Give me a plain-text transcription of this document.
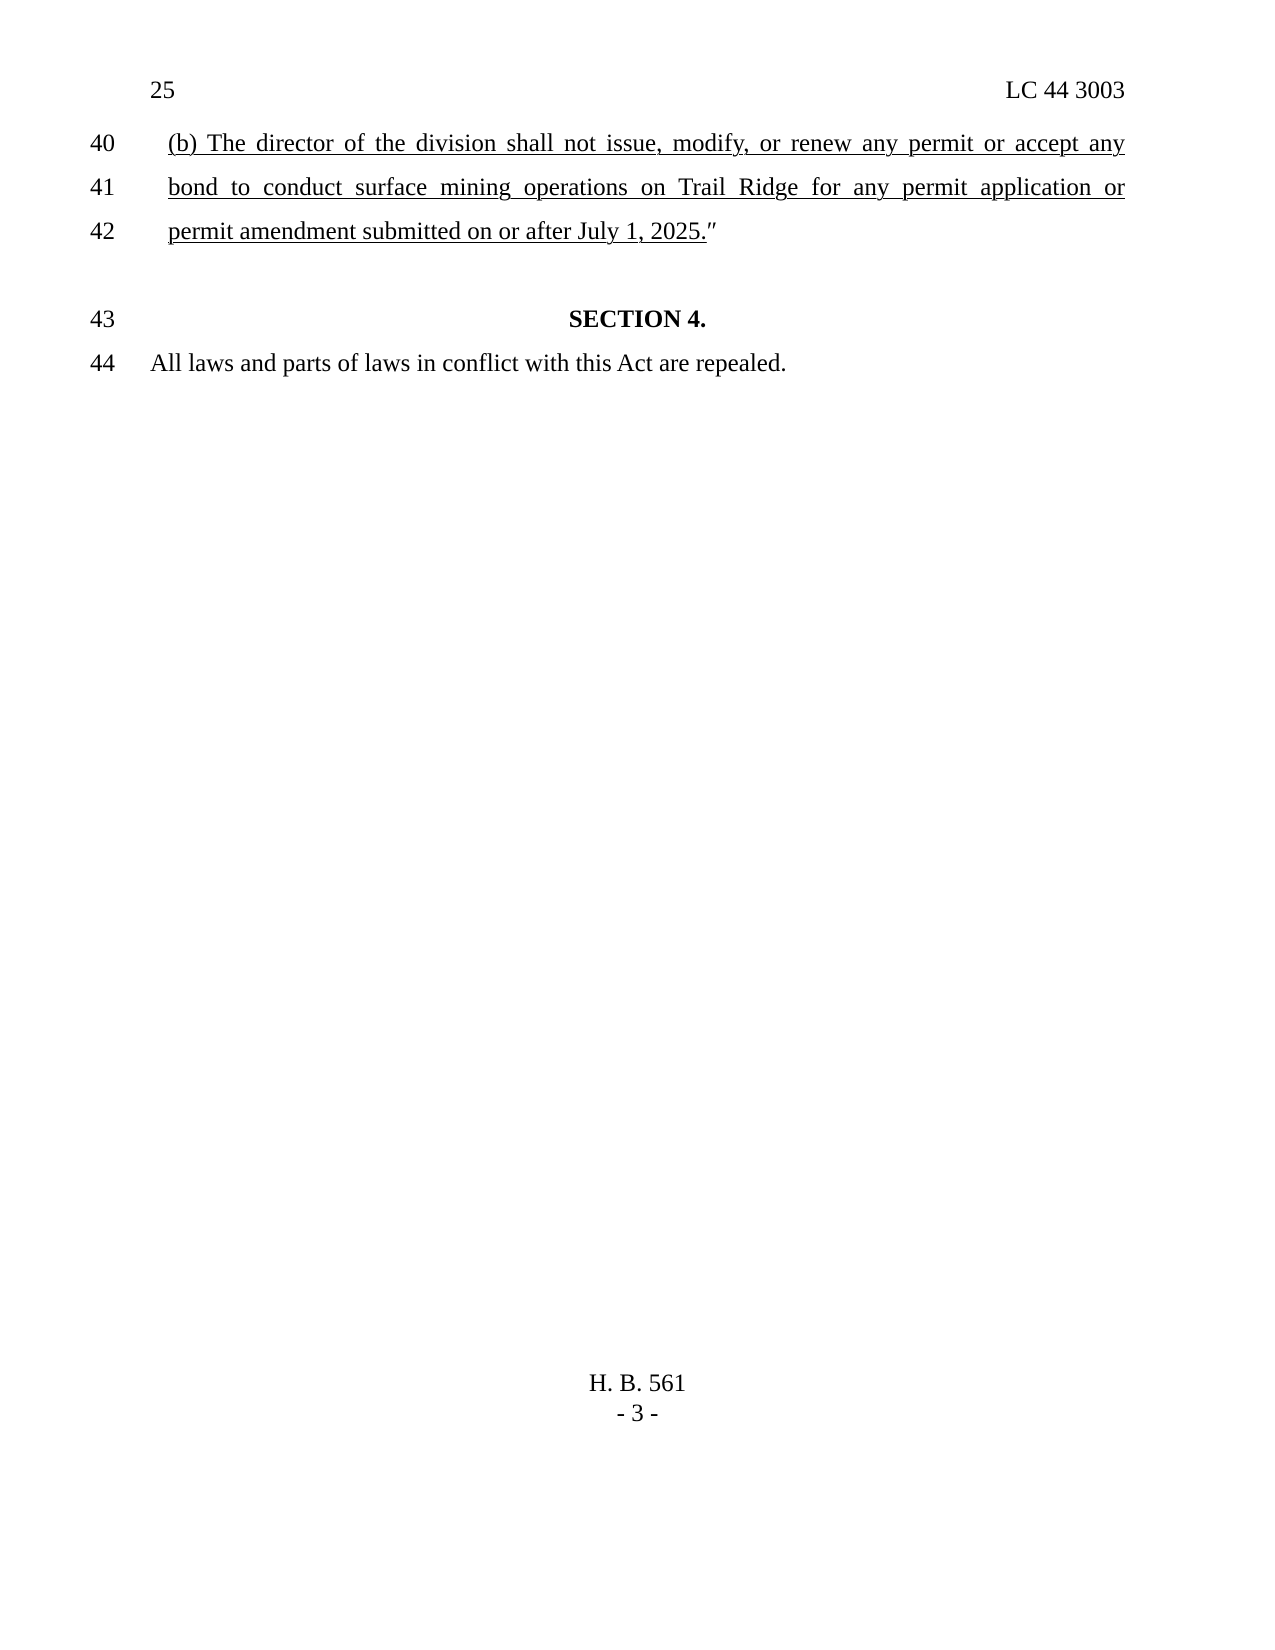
25	LC 44 3003
40	(b) The director of the division shall not issue, modify, or renew any permit or accept any
41	bond to conduct surface mining operations on Trail Ridge for any permit application or
42	permit amendment submitted on or after July 1, 2025.″
43	SECTION 4.
44	All laws and parts of laws in conflict with this Act are repealed.
H. B. 561
- 3 -
